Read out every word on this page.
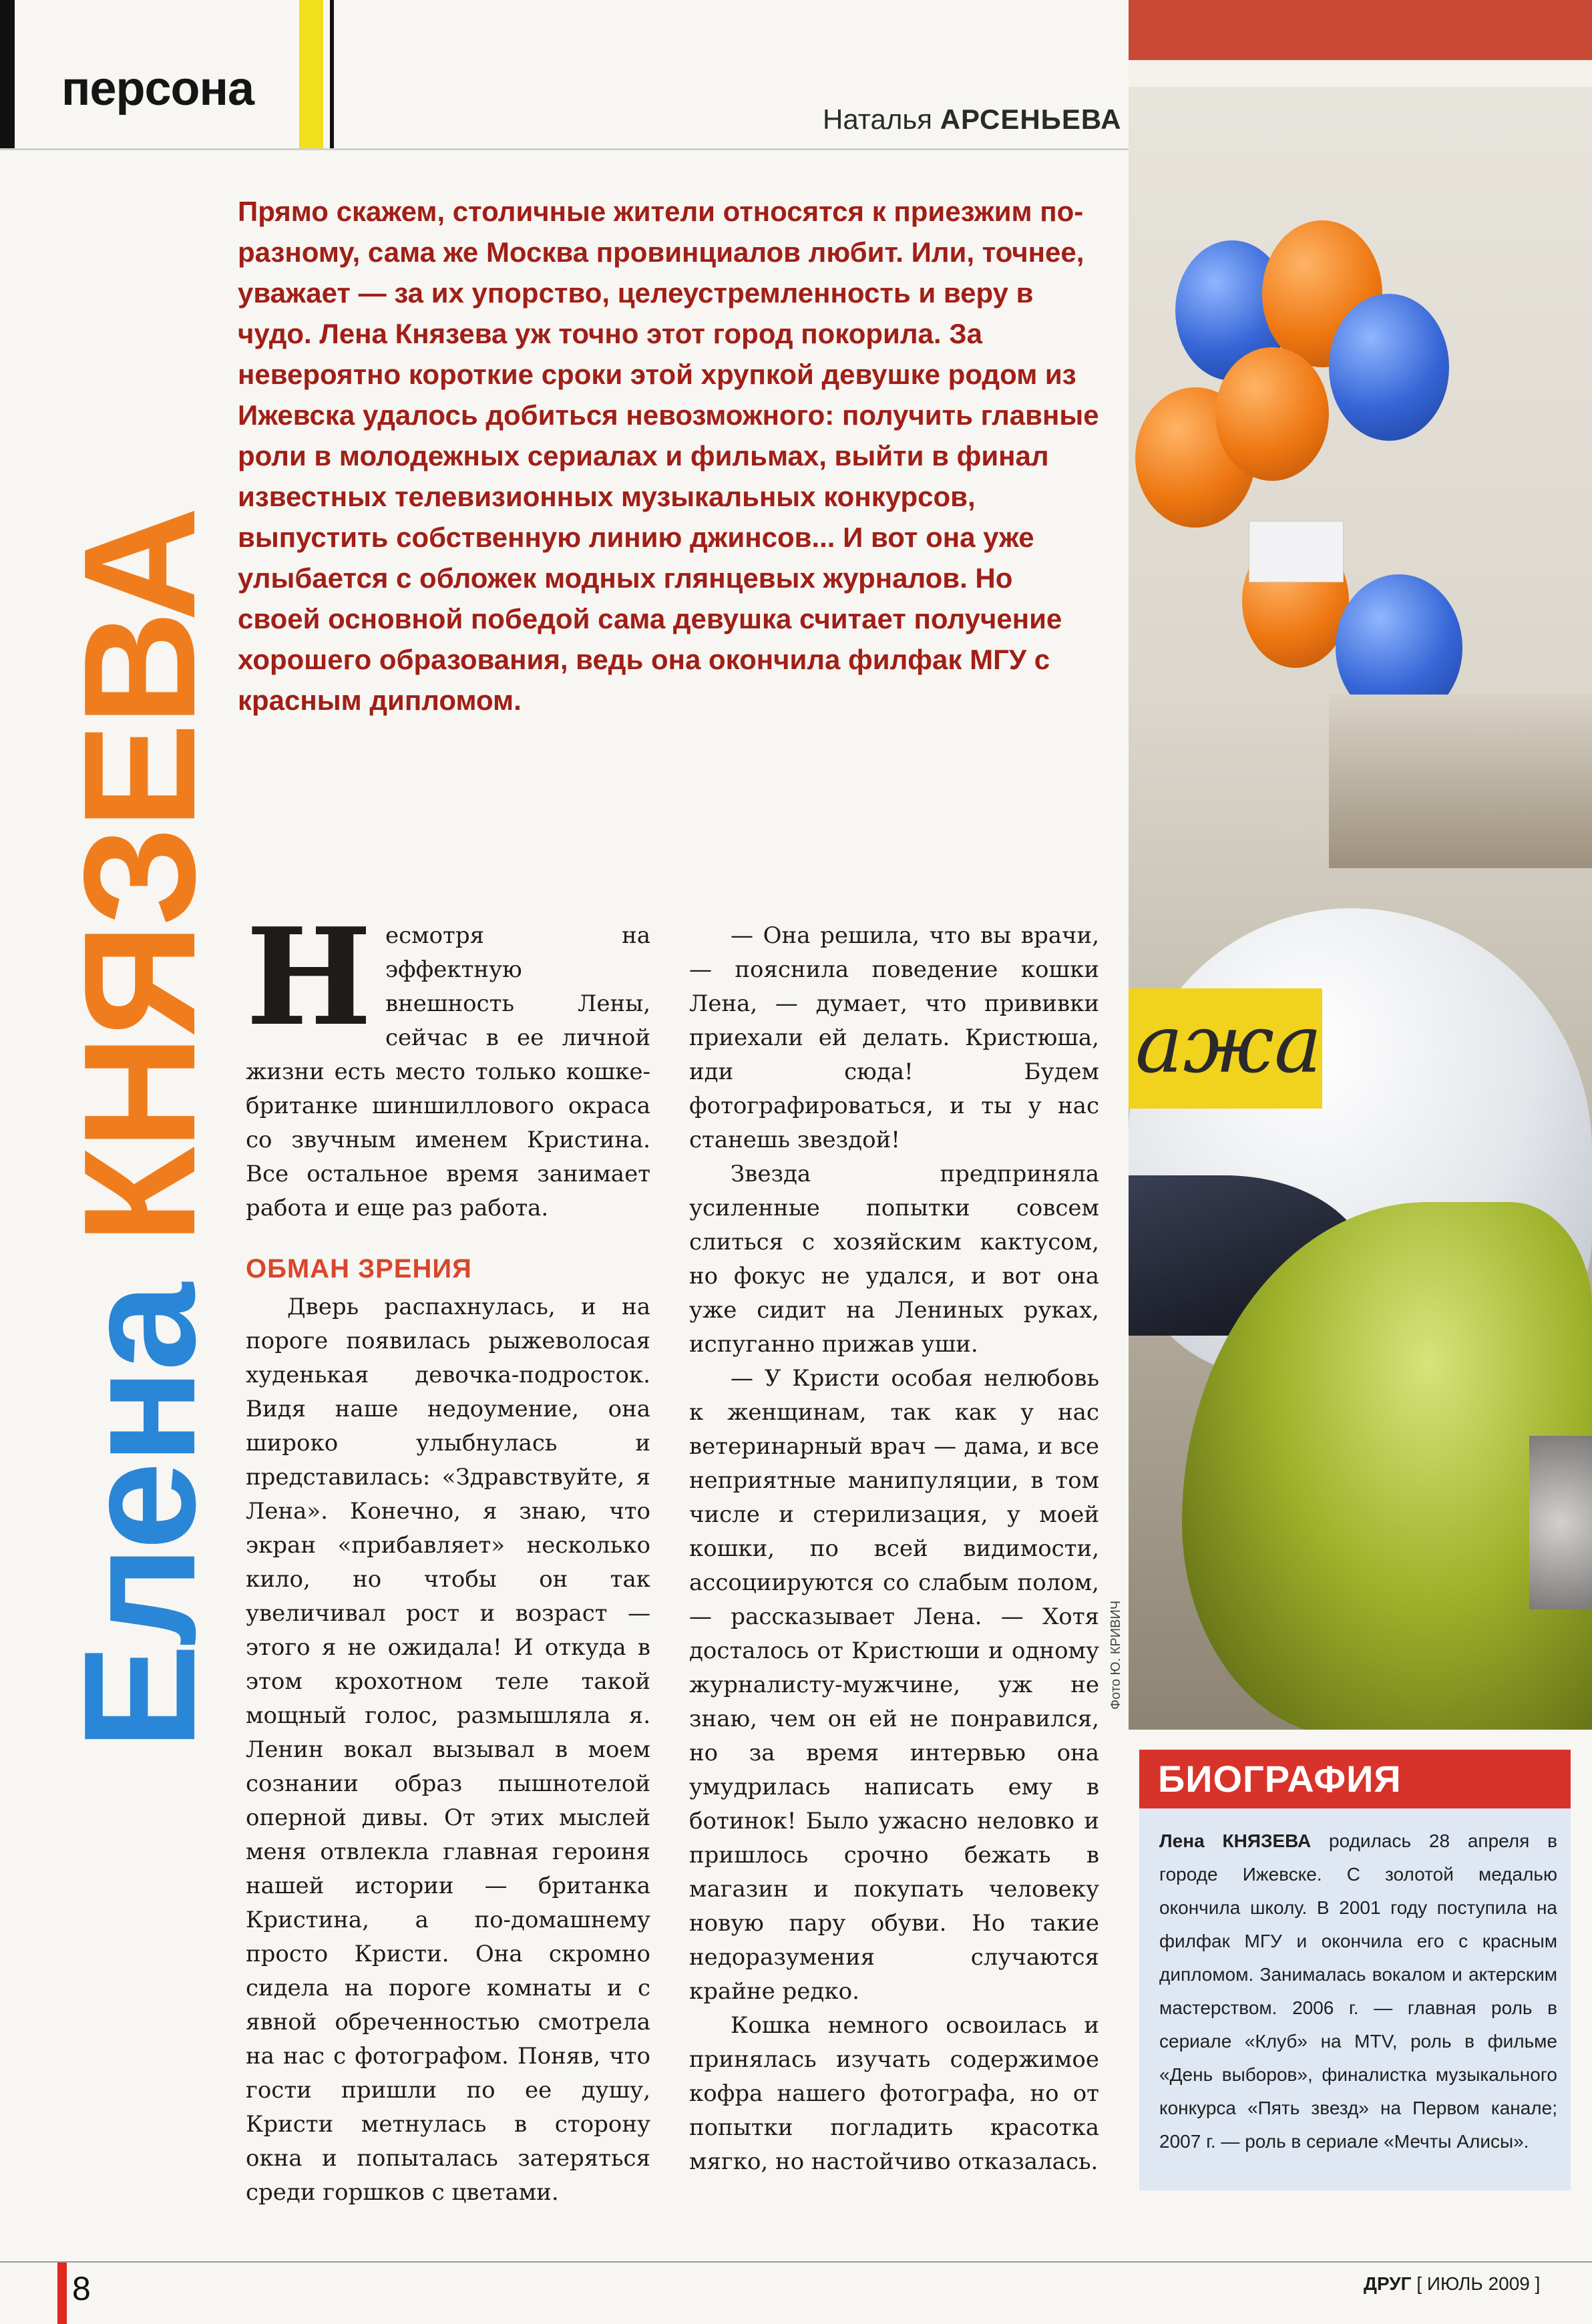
персона
Наталья АРСЕНЬЕВА
Елена КНЯЗЕВА
Прямо скажем, столичные жители относятся к приезжим по-разному, сама же Москва провинциалов любит. Или, точнее, уважает — за их упорство, целеустремленность и веру в чудо. Лена Князева уж точно этот город покорила. За невероятно короткие сроки этой хрупкой девушке родом из Ижевска удалось добиться невозможного: получить главные роли в молодежных сериалах и фильмах, выйти в финал известных телевизионных музыкальных конкурсов, выпустить собственную линию джинсов... И вот она уже улыбается с обложек модных глянцевых журналов. Но своей основной победой сама девушка считает получение хорошего образования, ведь она окончила филфак МГУ с красным дипломом.
ажа
Фото Ю. КРИВИЧ

Несмотря на эффектную внешность Лены, сейчас в ее личной жизни есть место только кошке-британке шиншиллового окраса со звучным именем Кристина. Все остальное время занимает работа и еще раз работа.

ОБМАН ЗРЕНИЯ

Дверь распахнулась, и на пороге появилась рыжеволосая худенькая девочка-подросток. Видя наше недоумение, она широко улыбнулась и представилась: «Здравствуйте, я Лена». Конечно, я знаю, что экран «прибавляет» несколько кило, но чтобы он так увеличивал рост и возраст — этого я не ожидала! И откуда в этом крохотном теле такой мощный голос, размышляла я. Ленин вокал вызывал в моем сознании образ пышнотелой оперной дивы. От этих мыслей меня отвлекла главная героиня нашей истории — британка Кристина, а по-домашнему просто Кристи. Она скромно сидела на пороге комнаты и с явной обреченностью смотрела на нас с фотографом. Поняв, что гости пришли по ее душу, Кристи метнулась в сторону окна и попыталась затеряться среди горшков с цветами.

— Она решила, что вы врачи, — пояснила поведение кошки Лена, — думает, что прививки приехали ей делать. Кристюша, иди сюда! Будем фотографироваться, и ты у нас станешь звездой!

Звезда предприняла усиленные попытки совсем слиться с хозяйским кактусом, но фокус не удался, и вот она уже сидит на Лениных руках, испуганно прижав уши.

— У Кристи особая нелюбовь к женщинам, так как у нас ветеринарный врач — дама, и все неприятные манипуляции, в том числе и стерилизация, у моей кошки, по всей видимости, ассоциируются со слабым полом, — рассказывает Лена. — Хотя досталось от Кристюши и одному журналисту-мужчине, уж не знаю, чем он ей не понравился, но за время интервью она умудрилась написать ему в ботинок! Было ужасно неловко и пришлось срочно бежать в магазин и покупать человеку новую пару обуви. Но такие недоразумения случаются крайне редко.

Кошка немного освоилась и принялась изучать содержимое кофра нашего фотографа, но от попытки погладить красотка мягко, но настойчиво отказалась.

БИОГРАФИЯ
Лена КНЯЗЕВА родилась 28 апреля в городе Ижевске. С золотой медалью окончила школу. В 2001 году поступила на филфак МГУ и окончила его с красным дипломом. Занималась вокалом и актерским мастерством. 2006 г. — главная роль в сериале «Клуб» на MTV, роль в фильме «День выборов», финалистка музыкального конкурса «Пять звезд» на Первом канале; 2007 г. — роль в сериале «Мечты Алисы».
8	ДРУГ [ ИЮЛЬ 2009 ]
